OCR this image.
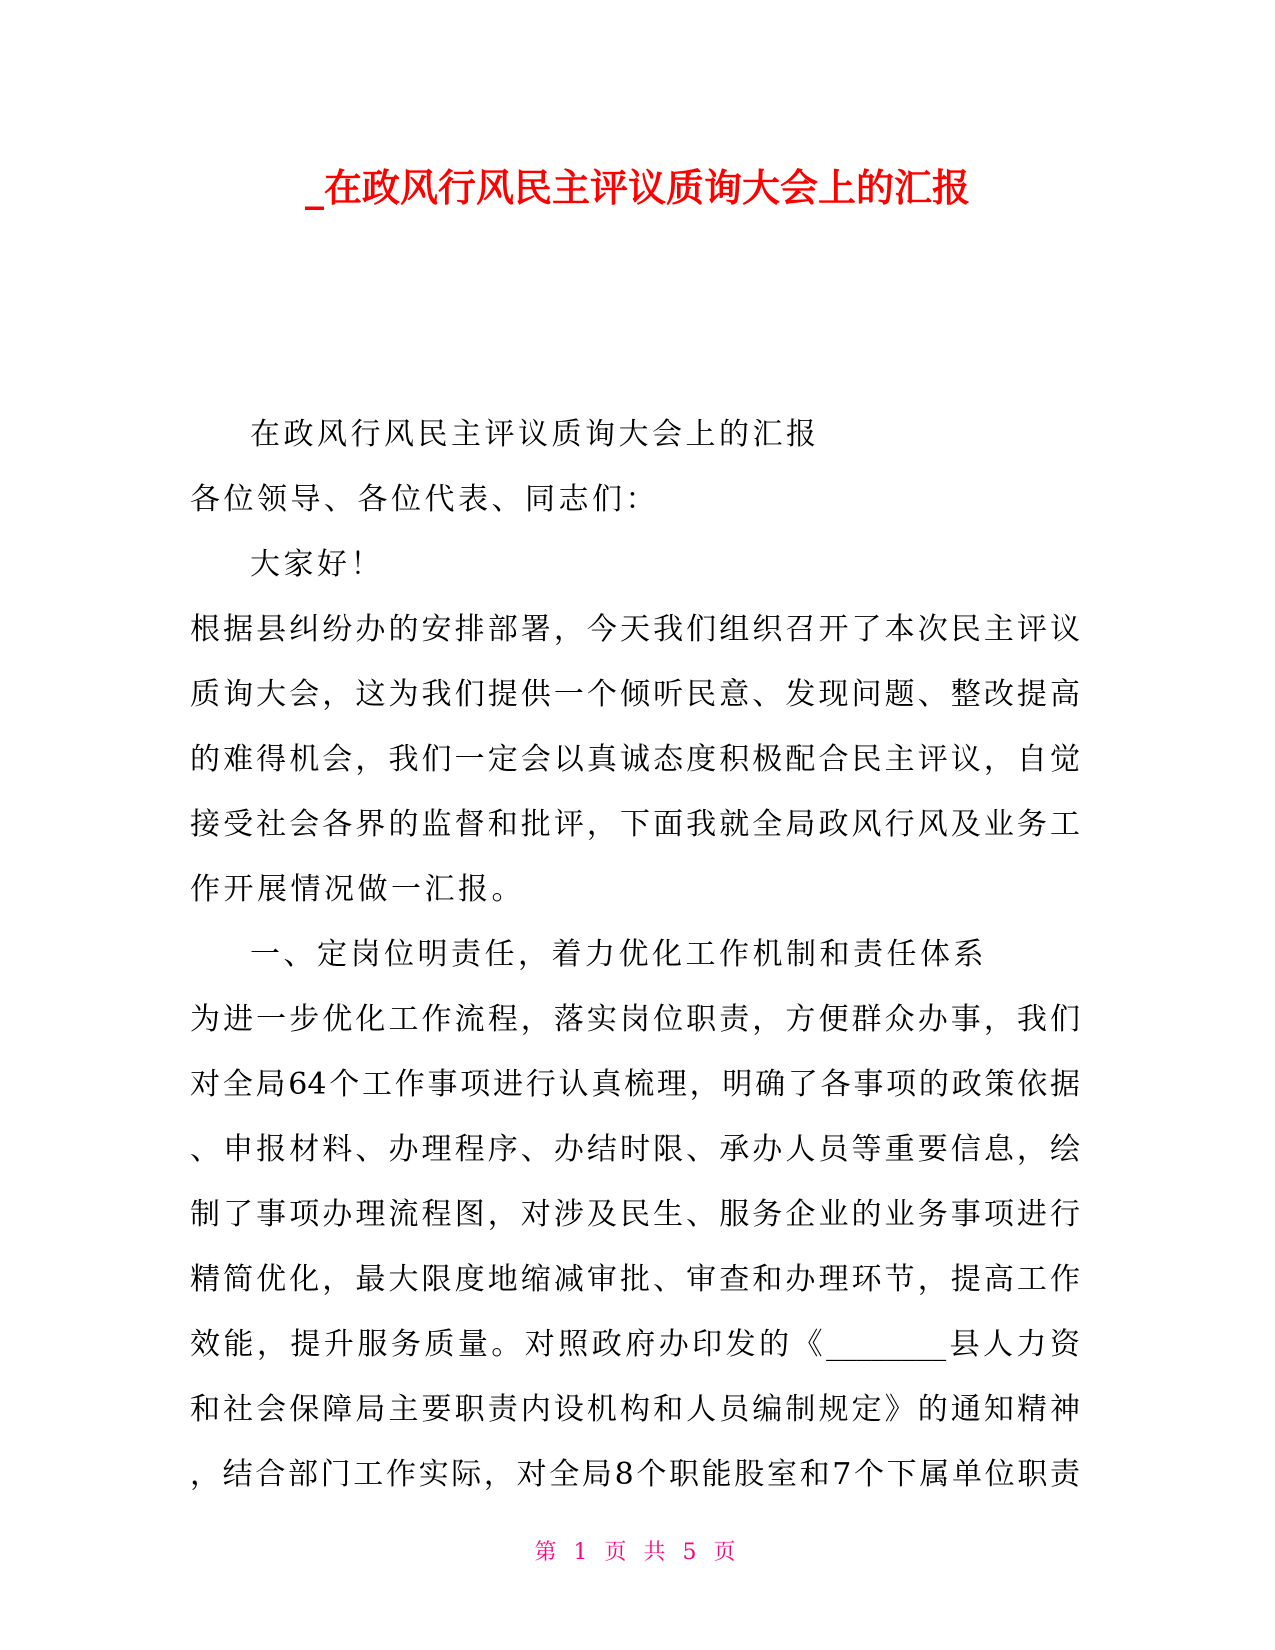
_在政风行风民主评议质询大会上的汇报

在政风行风民主评议质询大会上的汇报

各位领导、各位代表、同志们：

大家好！

根据县纠纷办的安排部署，今天我们组织召开了本次民主评议

质询大会，这为我们提供一个倾听民意、发现问题、整改提高

的难得机会，我们一定会以真诚态度积极配合民主评议，自觉

接受社会各界的监督和批评，下面我就全局政风行风及业务工

作开展情况做一汇报。

一、定岗位明责任，着力优化工作机制和责任体系

为进一步优化工作流程，落实岗位职责，方便群众办事，我们

对全局64个工作事项进行认真梳理，明确了各事项的政策依据

、申报材料、办理程序、办结时限、承办人员等重要信息，绘

制了事项办理流程图，对涉及民生、服务企业的业务事项进行

精简优化，最大限度地缩减审批、审查和办理环节，提高工作

效能，提升服务质量。对照政府办印发的《________县人力资

和社会保障局主要职责内设机构和人员编制规定》的通知精神

，结合部门工作实际，对全局8个职能股室和7个下属单位职责

第 1 页 共 5 页
